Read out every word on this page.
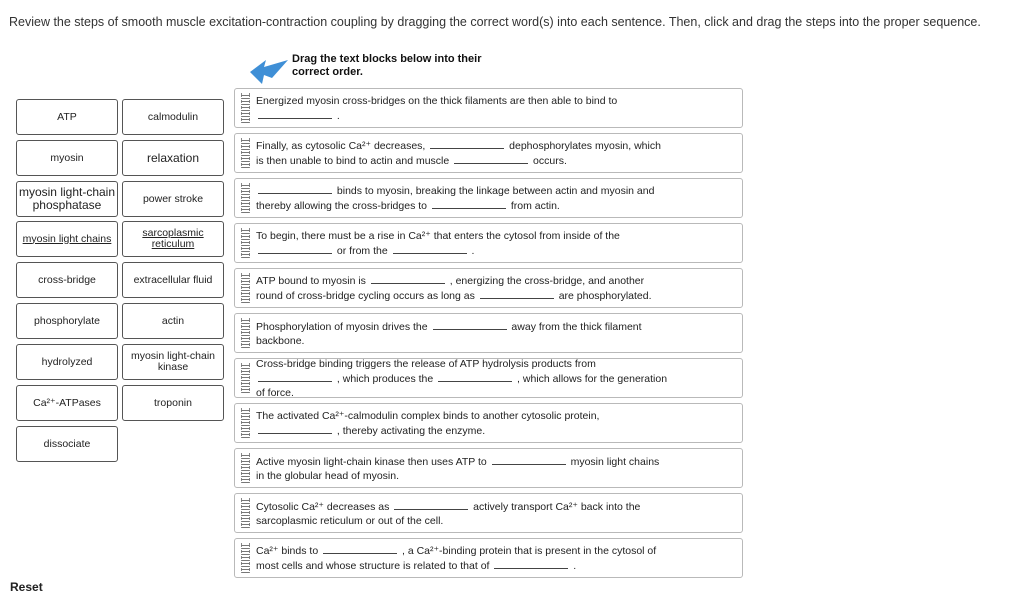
Review the steps of smooth muscle excitation-contraction coupling by dragging the correct word(s) into each sentence. Then, click and drag the steps into the proper sequence.
Drag the text blocks below into their
correct order.
ATP	calmodulin
myosin	relaxation
myosin light-chain phosphatase	power stroke
myosin light chains	sarcoplasmic reticulum
cross-bridge	extracellular fluid
phosphorylate	actin
hydrolyzed	myosin light-chain kinase
Ca²⁺-ATPases	troponin
dissociate
Energized myosin cross-bridges on the thick filaments are then able to bind to
.
Finally, as cytosolic Ca²⁺ decreases,	dephosphorylates myosin, which
is then unable to bind to actin and muscle	occurs.
binds to myosin, breaking the linkage between actin and myosin and
thereby allowing the cross-bridges to	from actin.
To begin, there must be a rise in Ca²⁺ that enters the cytosol from inside of the
or from the	.
ATP bound to myosin is	, energizing the cross-bridge, and another
round of cross-bridge cycling occurs as long as	are phosphorylated.
Phosphorylation of myosin drives the	away from the thick filament
backbone.
Cross-bridge binding triggers the release of ATP hydrolysis products from
, which produces the	, which allows for the generation
of force.
The activated Ca²⁺-calmodulin complex binds to another cytosolic protein,
, thereby activating the enzyme.
Active myosin light-chain kinase then uses ATP to	myosin light chains
in the globular head of myosin.
Cytosolic Ca²⁺ decreases as	actively transport Ca²⁺ back into the
sarcoplasmic reticulum or out of the cell.
Ca²⁺ binds to	, a Ca²⁺-binding protein that is present in the cytosol of
most cells and whose structure is related to that of	.
Reset
